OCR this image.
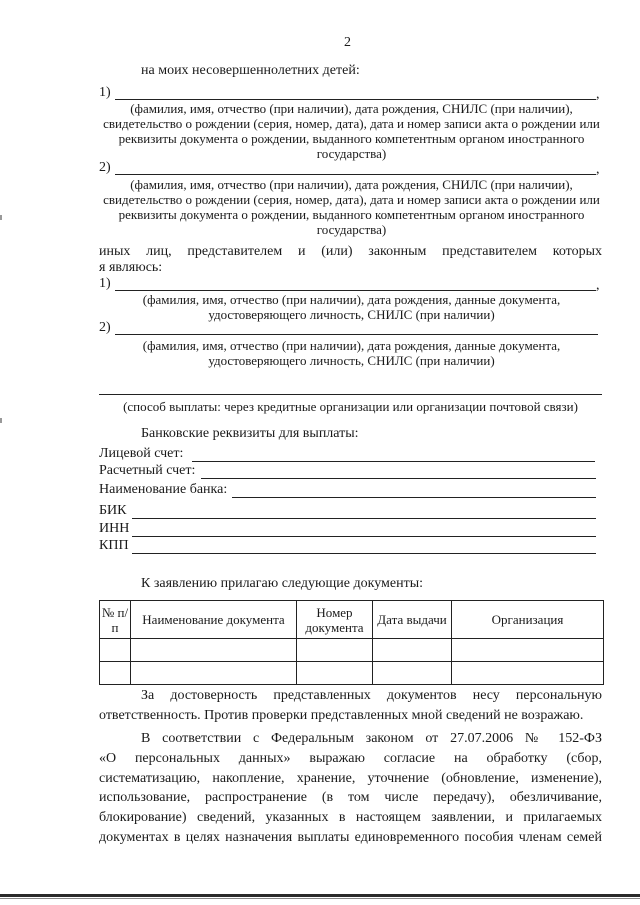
2
на моих несовершеннолетних детей:
1)	,
(фамилия, имя, отчество (при наличии), дата рождения, СНИЛС (при наличии),
свидетельство о рождении (серия, номер, дата), дата и номер записи акта о рождении или
реквизиты документа о рождении, выданного компетентным органом иностранного
государства)
2)	,
(фамилия, имя, отчество (при наличии), дата рождения, СНИЛС (при наличии),
свидетельство о рождении (серия, номер, дата), дата и номер записи акта о рождении или
реквизиты документа о рождении, выданного компетентным органом иностранного
государства)
иных лиц, представителем и (или) законным представителем которых
я являюсь:
1)	,
(фамилия, имя, отчество (при наличии), дата рождения, данные документа,
удостоверяющего личность, СНИЛС (при наличии)
2)
(фамилия, имя, отчество (при наличии), дата рождения, данные документа,
удостоверяющего личность, СНИЛС (при наличии)
(способ выплаты: через кредитные организации или организации почтовой связи)
Банковские реквизиты для выплаты:
Лицевой счет:
Расчетный счет:
Наименование банка:
БИК
ИНН
КПП
К заявлению прилагаю следующие документы:
№ п/п	Наименование документа	Номер документа	Дата выдачи	Организация

За достоверность представленных документов несу персональную
ответственность. Против проверки представленных мной сведений не возражаю.
В соответствии с Федеральным законом от 27.07.2006 № 152-ФЗ
«О персональных данных» выражаю согласие на обработку (сбор,
систематизацию, накопление, хранение, уточнение (обновление, изменение),
использование, распространение (в том числе передачу), обезличивание,
блокирование) сведений, указанных в настоящем заявлении, и прилагаемых
документах в целях назначения выплаты единовременного пособия членам семей
